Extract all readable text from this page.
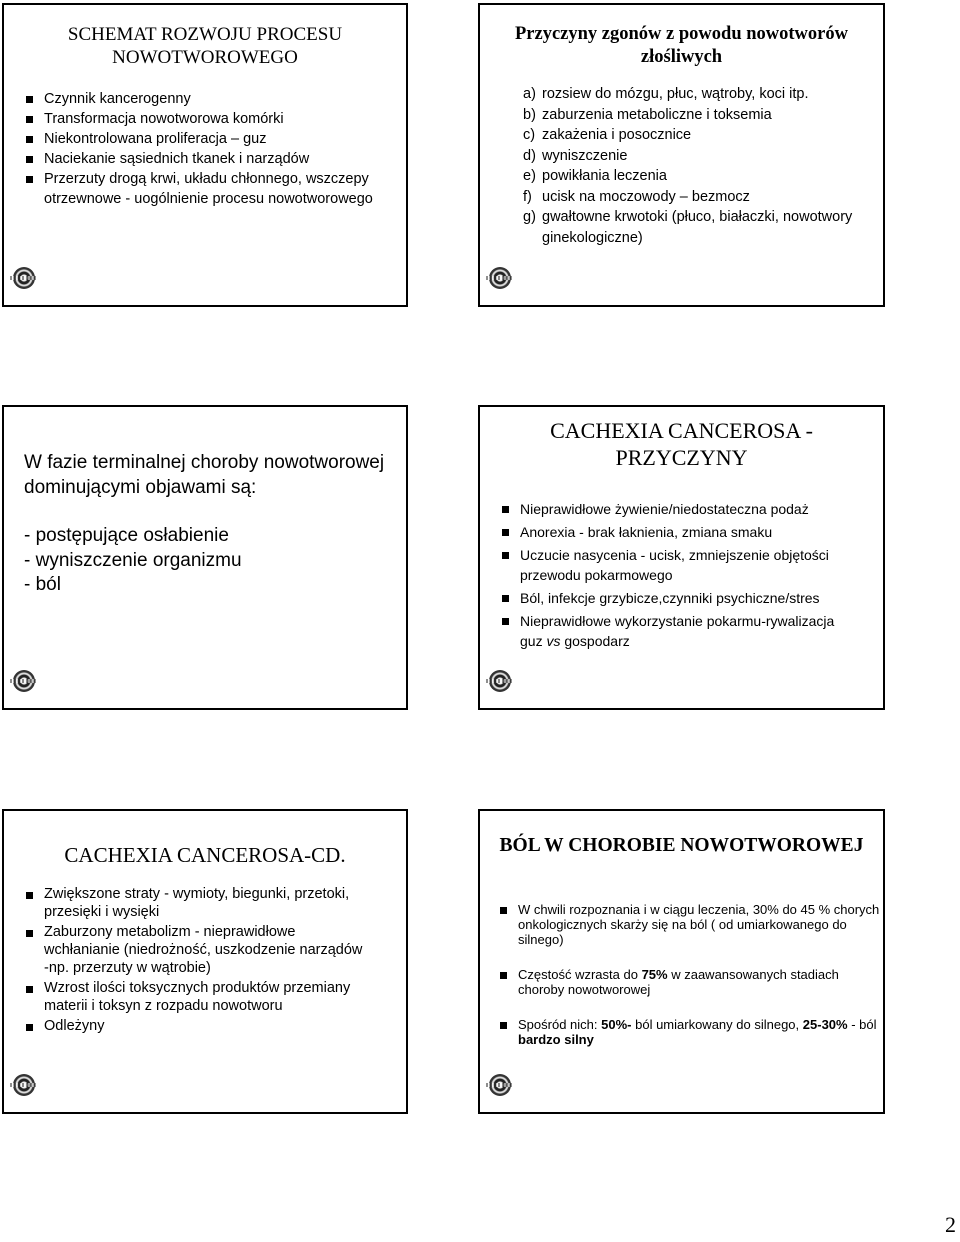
SCHEMAT ROZWOJU PROCESU NOWOTWOROWEGO
Czynnik kancerogenny
Transformacja nowotworowa komórki
Niekontrolowana proliferacja – guz
Naciekanie sąsiednich tkanek i narządów
Przerzuty drogą krwi, układu chłonnego, wszczepy otrzewnowe - uogólnienie procesu nowotworowego
Przyczyny zgonów z powodu nowotworów złośliwych
a) rozsiew do mózgu, płuc, wątroby, koci itp.
b) zaburzenia metaboliczne i toksemia
c) zakażenia i posocznice
d) wyniszczenie
e) powikłania leczenia
f) ucisk na moczowody – bezmocz
g) gwałtowne krwotoki (płuco, białaczki, nowotwory ginekologiczne)
W fazie terminalnej choroby nowotworowej dominującymi objawami są:
- postępujące osłabienie
- wyniszczenie organizmu
- ból
CACHEXIA CANCEROSA - PRZYCZYNY
Nieprawidłowe żywienie/niedostateczna podaż
Anorexia - brak łaknienia, zmiana smaku
Uczucie nasycenia - ucisk, zmniejszenie objętości przewodu pokarmowego
Ból, infekcje grzybicze,czynniki psychiczne/stres
Nieprawidłowe wykorzystanie pokarmu-rywalizacja guz vs gospodarz
CACHEXIA CANCEROSA-CD.
Zwiększone straty - wymioty, biegunki, przetoki, przesięki i wysięki
Zaburzony metabolizm - nieprawidłowe wchłanianie (niedrożność, uszkodzenie narządów -np. przerzuty w wątrobie)
Wzrost ilości toksycznych produktów przemiany materii i toksyn z rozpadu nowotworu
Odleżyny
BÓL W CHOROBIE NOWOTWOROWEJ
W chwili rozpoznania i w ciągu leczenia, 30% do 45 % chorych onkologicznych skarży się na ból ( od umiarkowanego do silnego)
Częstość wzrasta do 75% w zaawansowanych stadiach choroby nowotworowej
Spośród nich: 50%- ból umiarkowany do silnego, 25-30% - ból bardzo silny
2
